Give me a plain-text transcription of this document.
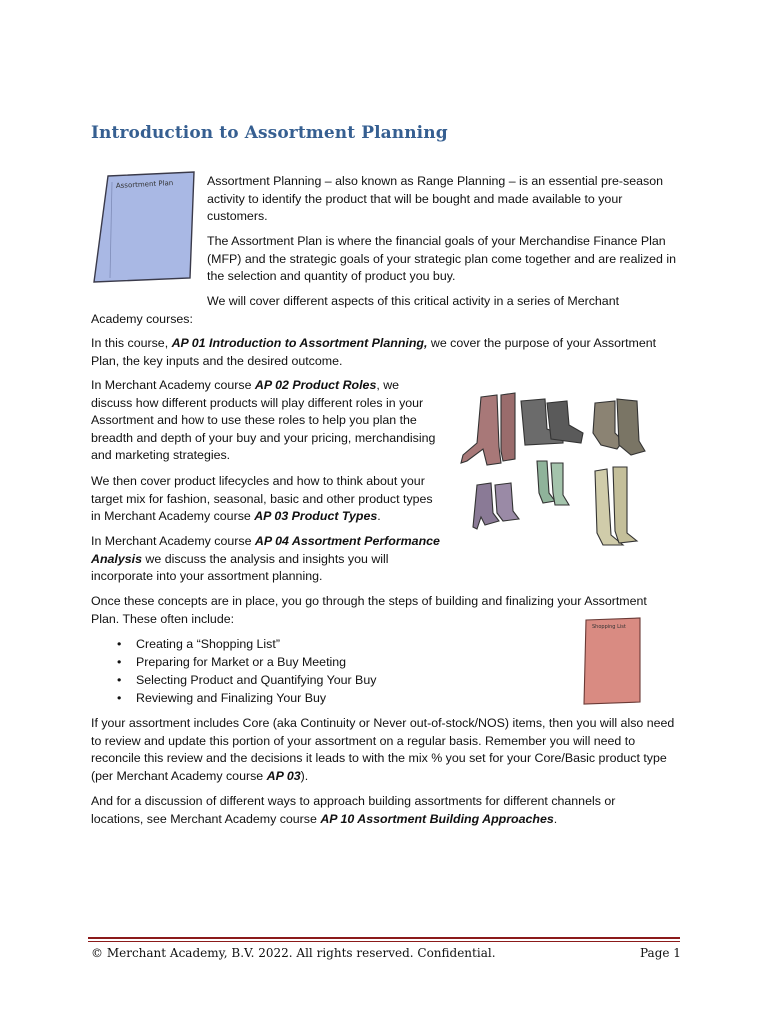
Introduction to Assortment Planning
Assortment Plan	Assortment Planning – also known as Range Planning – is an essential pre-season activity to identify the product that will be bought and made available to your customers.

The Assortment Plan is where the financial goals of your Merchandise Finance Plan (MFP) and the strategic goals of your strategic plan come together and are realized in the selection and quantity of product you buy.

We will cover different aspects of this critical activity in a series of Merchant

Academy courses:

In this course, AP 01 Introduction to Assortment Planning, we cover the purpose of your Assortment Plan, the key inputs and the desired outcome.

In Merchant Academy course AP 02 Product Roles, we discuss how different products will play different roles in your Assortment and how to use these roles to help you plan the breadth and depth of your buy and your pricing, merchandising and marketing strategies.

We then cover product lifecycles and how to think about your target mix for fashion, seasonal, basic and other product types in Merchant Academy course AP 03 Product Types.

In Merchant Academy course AP 04 Assortment Performance Analysis we discuss the analysis and insights you will incorporate into your assortment planning.

Once these concepts are in place, you go through the steps of building and finalizing your Assortment Plan. These often include:

• Creating a “Shopping List”
• Preparing for Market or a Buy Meeting
• Selecting Product and Quantifying Your Buy
• Reviewing and Finalizing Your Buy
Shopping List

If your assortment includes Core (aka Continuity or Never out-of-stock/NOS) items, then you will also need to review and update this portion of your assortment on a regular basis. Remember you will need to reconcile this review and the decisions it leads to with the mix % you set for your Core/Basic product type (per Merchant Academy course AP 03).

And for a discussion of different ways to approach building assortments for different channels or locations, see Merchant Academy course AP 10 Assortment Building Approaches.

© Merchant Academy, B.V. 2022. All rights reserved. Confidential.	Page 1
